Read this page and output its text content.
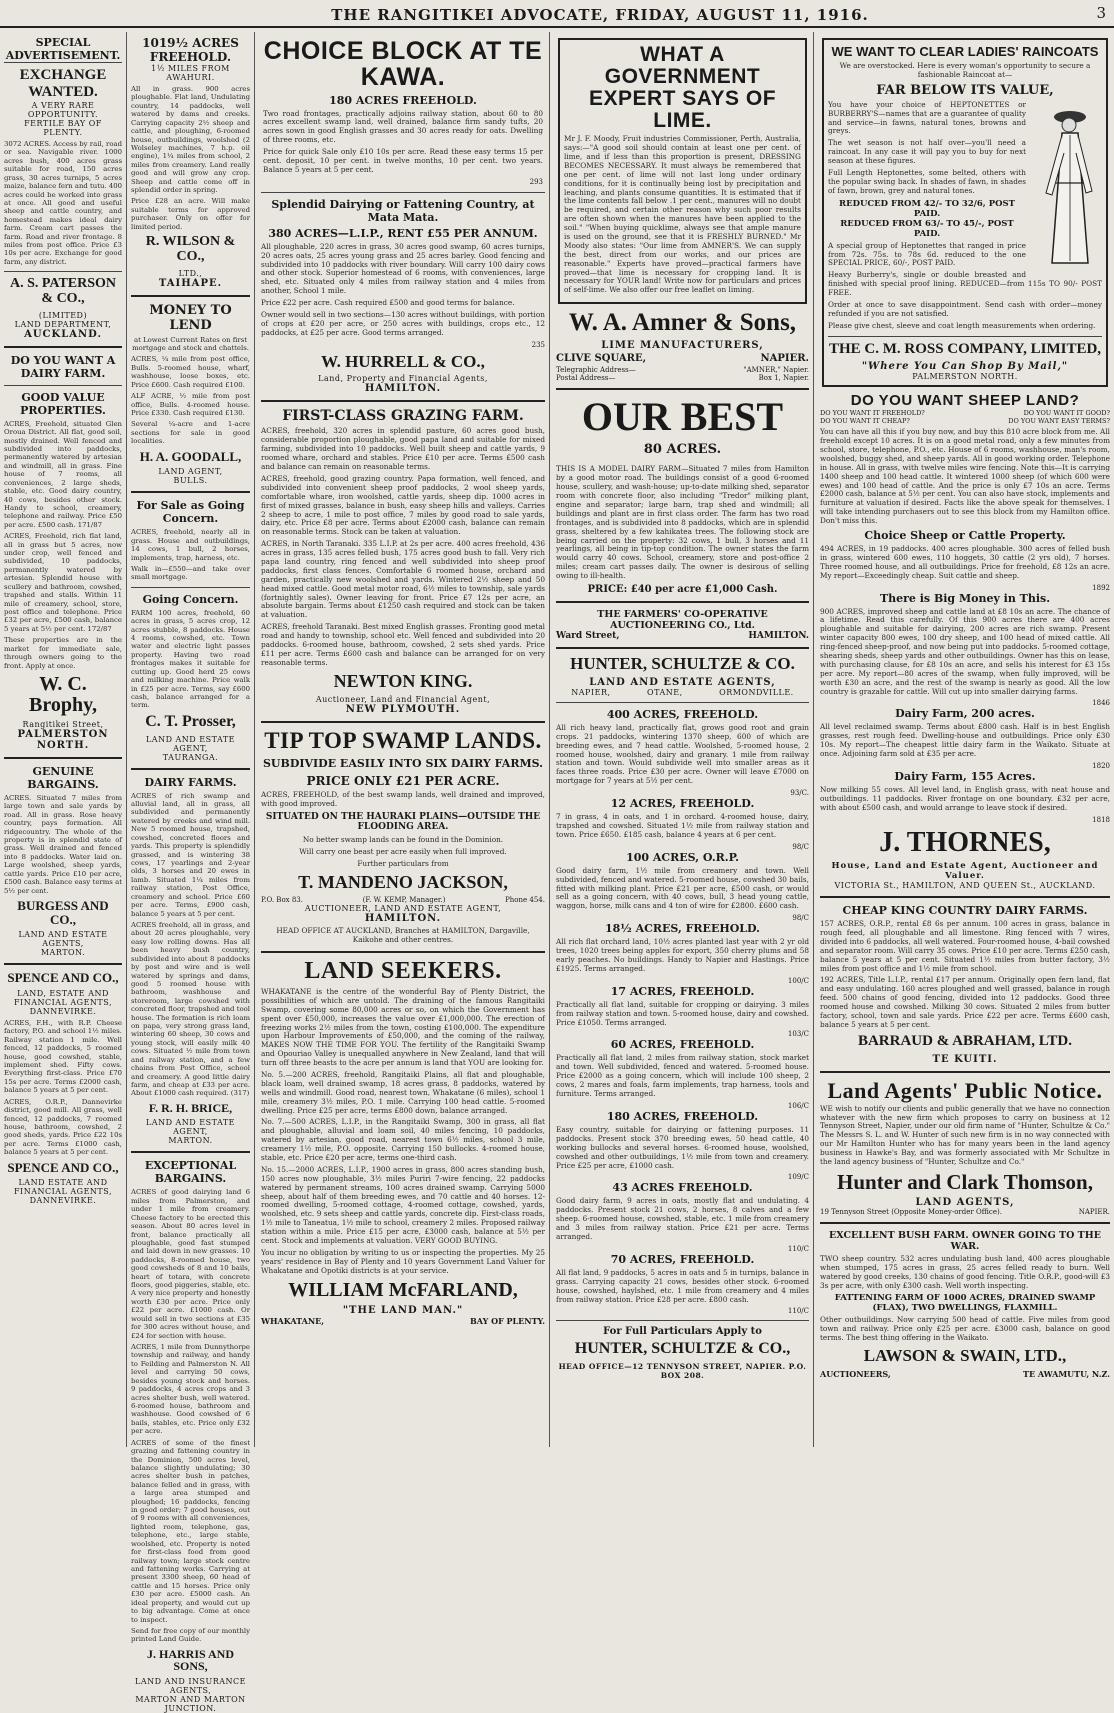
THE RANGITIKEI ADVOCATE, FRIDAY, AUGUST 11, 1916.	3
SPECIAL ADVERTISEMENT.
EXCHANGE WANTED.
A VERY RARE OPPORTUNITY.
FERTILE BAY OF PLENTY.

3072 ACRES. Access by rail, road or sea. Navigable river. 1000 acres bush, 400 acres grass suitable for road, 150 acres grass, 30 acres turnips, 5 acres maize, balance fern and tutu. 400 acres could be worked into grass at once. All good and useful sheep and cattle country, and homestead makes ideal dairy farm. Cream cart passes the farm. Road and river frontage. 8 miles from post office. Price £3 10s per acre. Exchange for good farm, any district.

A. S. PATERSON & CO.,
(LIMITED)
LAND DEPARTMENT,
AUCKLAND.
DO YOU WANT A DAIRY FARM.
GOOD VALUE PROPERTIES.

ACRES, Freehold, situated Glen Oroua District. All flat, good soil, mostly drained. Well fenced and subdivided into paddocks, permanently watered by artesian and windmill, all in grass. Fine house of 7 rooms, all conveniences, 2 large sheds, stable, etc. Good dairy country, 40 cows, besides other stock. Handy to school, creamery, telephone and railway. Price £50 per acre. £500 cash. 171/87

ACRES, Freehold, rich flat land, all in grass but 5 acres, now under crop, well fenced and subdivided, 10 paddocks, permanently watered by artesian. Splendid house with scullery and bathroom, cowshed, trapshed and stalls. Within 11 mile of creamery, school, store, post office and telephone. Price £32 per acre, £500 cash, balance 5 years at 5½ per cent. 172/87

These properties are in the market for immediate sale, through owners going to the front. Apply at once.

W. C. Brophy,
Rangitikei Street,
PALMERSTON NORTH.
GENUINE BARGAINS.

ACRES. Situated 7 miles from large town and sale yards by road. All in grass. Rose heavy country, pays formation. All ridgecountry. The whole of the property is in splendid state of grass. Well drained and fenced into 8 paddocks. Water laid on. Large woolshed, sheep yards, cattle yards. Price £10 per acre, £500 cash. Balance easy terms at 5½ per cent.

BURGESS AND CO.,
LAND AND ESTATE AGENTS,
MARTON.
SPENCE AND CO.,
LAND, ESTATE AND FINANCIAL AGENTS,
DANNEVIRKE.

ACRES, F.H., with R.P. Cheese factory, P.O. and school 1½ miles. Railway station 1 mile. Well fenced, 12 paddocks, 5 roomed house, good cowshed, stable, implement shed. Fifty cows. Everything first-class. Price £70 15s per acre. Terms £2000 cash, balance 5 years at 5 per cent.

ACRES, O.R.P., Dannevirke district, good mill. All grass, well fenced, 12 paddocks, 7 roomed house, bathroom, cowshed, 2 good sheds, yards. Price £22 10s per acre. Terms £1000 cash, balance 5 years at 5 per cent.

SPENCE AND CO.,
LAND ESTATE AND FINANCIAL AGENTS,
DANNEVIRKE.
1019½ ACRES FREEHOLD.
1½ MILES FROM AWAHURI.

All in grass. 900 acres ploughable. Flat land, Undulating country, 14 paddocks, well watered by dams and creeks. Carrying capacity 2½ sheep and cattle, and ploughing, 6-roomed house, outbuildings, woolshed (2 Wolseley machines, 7 h.p. oil engine), 1¼ miles from school, 2 miles from creamery. Land really good and will grow any crop. Sheep and cattle come off in splendid order in spring.

Price £28 an acre. Will make suitable terms for approved purchaser. Only on offer for limited period.

R. WILSON & CO.,
LTD.,
TAIHAPE.
MONEY TO LEND

at Lowest Current Rates on first mortgage and stock and chattels.

ACRES, ¼ mile from post office, Bulls. 5-roomed house, wharf, washhouse, loose boxes, etc. Price £600. Cash required £100.

ALF ACRE, ½ mile from post office, Bulls. 4-roomed house. Price £330. Cash required £130.

Several ¼-acre and 1-acre sections for sale in good localities.

H. A. GOODALL,
LAND AGENT,
BULLS.
For Sale as Going Concern.

ACRES, freehold, nearly all in grass. House and outbuildings, 14 cows, 1 bull, 2 horses, implements, trap, harness, etc.

Walk in—£550—and take over small mortgage.

Going Concern.

FARM 100 acres, freehold, 60 acres in grass, 5 acres crop, 12 acres stubble, 8 paddocks. House 4 rooms, cowshed, etc. Town water and electric light passes property. Having two road frontages makes it suitable for cutting up. Good herd 25 cows and milking machine. Price walk in £25 per acre. Terms, say £600 cash, balance arranged for a term.

C. T. Prosser,
LAND AND ESTATE AGENT,
TAURANGA.
DAIRY FARMS.

ACRES of rich swamp and alluvial land, all in grass, all subdivided and permanently watered by creeks and wind mill. New 5 roomed house, trapshed, cowshed, concreted floors and yards. This property is splendidly grassed, and is wintering 38 cows, 17 yearlings and 2-year olds, 3 horses and 20 ewes in lamb. Situated 1¼ miles from railway station, Post Office, creamery and school. Price £60 per acre. Terms, £900 cash, balance 5 years at 5 per cent.

ACRES freehold, all in grass, and about 20 acres ploughable, very easy low rolling downs. Has all been heavy bush country, subdivided into about 8 paddocks by post and wire and is well watered by springs and dams, good 5 roomed house with bathroom, washhouse and storeroom, large cowshed with concreted floor, trapshed and tool house. The formation is rich loam on papa, very strong grass land, wintering 60 sheep, 30 cows and young stock, will easily milk 40 cows. Situated ½ mile from town and railway station, and a few chains from Post Office, school and creamery. A good little dairy farm, and cheap at £33 per acre. About £1000 cash required. (317)

F. R. H. BRICE,
LAND AND ESTATE AGENT,
MARTON.
EXCEPTIONAL BARGAINS.

ACRES of good dairying land 6 miles from Palmerston, and under 1 mile from creamery. Cheese factory to be erected this season. About 80 acres level in front, balance practically all ploughable, good fast stumped and laid down in new grasses. 10 paddocks, 8-roomed house, two good cowsheds of 8 and 10 bails, heart of totara, with concrete floors, good piggeries, stable, etc. A very nice property and honestly worth £30 per acre. Price only £22 per acre. £1000 cash. Or would sell in two sections at £35 for 300 acres without house, and £24 for section with house.

ACRES, 1 mile from Dunnythorpe township and railway, and handy to Feilding and Palmerston N. All level and carrying 50 cows, besides young stock and horses. 9 paddocks, 4 acres crops and 3 acres shelter bush, well watered. 6-roomed house, bathroom and washhouse. Good cowshed of 6 bails, stables, etc. Price only £32 per acre.

ACRES of some of the finest grazing and fattening country in the Dominion, 500 acres level, balance slightly undulating; 30 acres shelter bush in patches, balance felled and in grass, with a large area stumped and ploughed; 16 paddocks, fencing in good order; 7 good houses, out of 9 rooms with all conveniences, lighted room, telephone, gas, telephone, etc., large stable, woolshed, etc. Property is noted for first-class food from good railway town; large stock centre and fattening works. Carrying at present 3300 sheep, 60 head of cattle and 15 horses. Price only £30 per acre. £5000 cash. An ideal property, and would cut up to big advantage. Come at once to inspect.

Send for free copy of our monthly printed Land Guide.

J. HARRIS AND SONS,
LAND AND INSURANCE AGENTS,
MARTON AND MARTON JUNCTION.
CHOICE BLOCK AT TE KAWA.
180 ACRES FREEHOLD.

Two road frontages, practically adjoins railway station, about 60 to 80 acres excellent swamp land, well drained, balance firm sandy tufts, 20 acres sown in good English grasses and 30 acres ready for oats. Dwelling of three rooms, etc.

Price for quick Sale only £10 10s per acre. Read these easy terms 15 per cent. deposit, 10 per cent. in twelve months, 10 per cent. two years. Balance 5 years at 5 per cent.

293
Splendid Dairying or Fattening Country, at Mata Mata.
380 ACRES—L.I.P., RENT £55 PER ANNUM.

All ploughable, 220 acres in grass, 30 acres good swamp, 60 acres turnips, 20 acres oats, 25 acres young grass and 25 acres barley. Good fencing and subdivided into 10 paddocks with river boundary. Will carry 100 dairy cows and other stock. Superior homestead of 6 rooms, with conveniences, large shed, etc. Situated only 4 miles from railway station and 4 miles from another, School 1 mile.

Price £22 per acre. Cash required £500 and good terms for balance.

Owner would sell in two sections—130 acres without buildings, with portion of crops at £20 per acre, or 250 acres with buildings, crops etc., 12 paddocks, at £25 per acre. Good terms arranged.

235
W. HURRELL & CO.,
Land, Property and Financial Agents,
HAMILTON.
FIRST-CLASS GRAZING FARM.

ACRES, freehold, 320 acres in splendid pasture, 60 acres good bush, considerable proportion ploughable, good papa land and suitable for mixed farming, subdivided into 10 paddocks. Well built sheep and cattle yards, 9 roomed whare, orchard and stables. Price £10 per acre. Terms £500 cash and balance can remain on reasonable terms.

ACRES, freehold, good grazing country. Papa formation, well fenced, and subdivided into convenient sheep proof paddocks, 2 wool sheep yards, comfortable whare, iron woolshed, cattle yards, sheep dip. 1000 acres in first of mixed grasses, balance in bush, easy sheep hills and valleys. Carries 2 sheep to acre, 1 mile to post office, 7 miles by good road to sale yards, dairy, etc. Price £8 per acre. Terms about £2000 cash, balance can remain on reasonable terms. Stock can be taken at valuation.

ACRES, in North Taranaki. 335 L.I.P. at 2s per acre. 400 acres freehold, 436 acres in grass, 135 acres felled bush, 175 acres good bush to fall. Very rich papa land country, ring fenced and well subdivided into sheep proof paddocks, first class fences. Comfortable 6 roomed house, orchard and garden, practically new woolshed and yards. Wintered 2½ sheep and 50 head mixed cattle. Good metal motor road, 6½ miles to township, sale yards (fortnightly sales). Owner leaving for front. Price £7 12s per acre, an absolute bargain. Terms about £1250 cash required and stock can be taken at valuation.

ACRES, freehold Taranaki. Best mixed English grasses. Fronting good metal road and handy to township, school etc. Well fenced and subdivided into 20 paddocks. 6-roomed house, bathroom, cowshed, 2 sets shed yards. Price £11 per acre. Terms £600 cash and balance can be arranged for on very reasonable terms.

NEWTON KING.
Auctioneer, Land and Financial Agent,
NEW PLYMOUTH.
TIP TOP SWAMP LANDS.
SUBDIVIDE EASILY INTO SIX DAIRY FARMS.
PRICE ONLY £21 PER ACRE.

ACRES, FREEHOLD, of the best swamp lands, well drained and improved, with good improved.

SITUATED ON THE HAURAKI PLAINS—OUTSIDE THE FLOODING AREA.

No better swamp lands can be found in the Dominion.

Will carry one beast per acre easily when full improved.

Further particulars from

T. MANDENO JACKSON,
P.O. Box 83.	(F. W. KEMP, Manager.)	Phone 454.
AUCTIONEER, LAND AND ESTATE AGENT,
HAMILTON.

HEAD OFFICE AT AUCKLAND, Branches at HAMILTON, Dargaville, Kaikohe and other centres.

LAND SEEKERS.

WHAKATANE is the centre of the wonderful Bay of Plenty District, the possibilities of which are untold. The draining of the famous Rangitaiki Swamp, covering some 80,000 acres or so, on which the Government has spent over £50,000, increases the value over £1,000,000. The erection of freezing works 2½ miles from the town, costing £100,000. The expenditure upon Harbour Improvements of £50,000, and the coming of the railway, MAKES NOW THE TIME FOR YOU. The fertility of the Rangitaiki Swamp and Opouriao Valley is unequalled anywhere in New Zealand, land that will turn off three beasts to the acre per annum is land that YOU are looking for.

No. 5.—200 ACRES, freehold, Rangitaiki Plains, all flat and ploughable, black loam, well drained swamp, 18 acres grass, 8 paddocks, watered by wells and windmill. Good road, nearest town, Whakatane (6 miles), school 1 mile, creamery 3½ miles, P.O. 1 mile. Carrying 100 head cattle. 5-roomed dwelling. Price £25 per acre, terms £800 down, balance arranged.

No. 7.—500 ACRES, L.I.P., in the Rangitaiki Swamp, 300 in grass, all flat and ploughable, alluvial and loam soil, 40 miles fencing, 10 paddocks, watered by artesian, good road, nearest town 6½ miles, school 3 mile, creamery 1½ mile, P.O. opposite. Carrying 150 bullocks. 4-roomed house, stable, etc. Price £20 per acre, terms one-third cash.

No. 15.—2000 ACRES, L.I.P., 1900 acres in grass, 800 acres standing bush, 150 acres now ploughable, 3½ miles Puriri 7-wire fencing, 22 paddocks watered by permanent streams, 100 acres drained swamp. Carrying 5000 sheep, about half of them breeding ewes, and 70 cattle and 40 horses. 12-roomed dwelling, 5-roomed cottage, 4-roomed cottage, cowshed, yards, woolshed, etc. 9 sets sheep and cattle yards, concrete dip. First-class roads, 1½ mile to Taneatua, 1½ mile to school, creamery 2 miles. Proposed railway station within a mile. Price £15 per acre, £3000 cash, balance at 5½ per cent. Stock and implements at valuation. VERY GOOD BUYING.

You incur no obligation by writing to us or inspecting the properties. My 25 years' residence in Bay of Plenty and 10 years Government Land Valuer for Whakatane and Opotiki districts is at your service.

WILLIAM McFARLAND,
"THE LAND MAN."
WHAKATANE,	BAY OF PLENTY.
WHAT A GOVERNMENT EXPERT SAYS OF LIME.

Mr J. F. Moody, Fruit industries Commissioner, Perth, Australia, says:—"A good soil should contain at least one per cent. of lime, and if less than this proportion is present, DRESSING BECOMES NECESSARY. It must always be remembered that one per cent. of lime will not last long under ordinary conditions, for it is continually being lost by precipitation and leaching, and plants consume quantities. It is estimated that if the lime contents fall below .1 per cent., manures will no doubt be required, and certain other reason why such poor results are often shown when the manures have been applied to the soil." "When buying quicklime, always see that ample manure is used on the ground, see that it is FRESHLY BURNED." Mr Moody also states: "Our lime from AMNER'S. We can supply the best, direct from our works, and our prices are reasonable." Experts have proved—practical farmers have proved—that lime is necessary for cropping land. It is necessary for YOUR land! Write now for particulars and prices of self-lime. We also offer our free leaflet on liming.

W. A. Amner & Sons,
LIME MANUFACTURERS,
CLIVE SQUARE,	NAPIER.
Telegraphic Address—	"AMNER," Napier.
Postal Address—	Box 1, Napier.
OUR BEST
80 ACRES.

THIS IS A MODEL DAIRY FARM—Situated 7 miles from Hamilton by a good motor road. The buildings consist of a good 6-roomed house, scullery, and wash-house; up-to-date milking shed, separator room with concrete floor, also including "Tredor" milking plant, engine and separator; large barn, trap shed and windmill; all buildings and plant are in first class order. The farm has two road frontages, and is subdivided into 8 paddocks, which are in splendid grass, sheltered by a few kahikatea trees. The following stock are being carried on the property: 32 cows, 1 bull, 3 horses and 11 yearlings, all being in tip-top condition. The owner states the farm would carry 40 cows. School, creamery, store and post-office 2 miles; cream cart passes daily. The owner is desirous of selling owing to ill-health.

PRICE: £40 per acre £1,000 Cash.
THE FARMERS' CO-OPERATIVE AUCTIONEERING CO., Ltd.
Ward Street,	HAMILTON.
HUNTER, SCHULTZE & CO.
LAND AND ESTATE AGENTS,
NAPIER,            OTANE,            ORMONDVILLE.
400 ACRES, FREEHOLD.

All rich heavy land, practically flat, grows good root and grain crops. 21 paddocks, wintering 1370 sheep, 600 of which are breeding ewes, and 7 head cattle. Woolshed, 5-roomed house, 2 roomed house, woolshed, dairy and granary. 1 mile from railway station and town. Would subdivide well into smaller areas as it faces three roads. Price £30 per acre. Owner will leave £7000 on mortgage for 7 years at 5½ per cent.

93/C.
12 ACRES, FREEHOLD.

7 in grass, 4 in oats, and 1 in orchard. 4-roomed house, dairy, trapshed and cowshed. Situated 1½ mile from railway station and town. Price £650. £185 cash, balance 4 years at 6 per cent.

98/C
100 ACRES, O.R.P.

Good dairy farm, 1½ mile from creamery and town. Well subdivided, fenced and watered. 5-roomed house, cowshed 30 bails, fitted with milking plant. Price £21 per acre, £500 cash, or would sell as a going concern, with 40 cows, bull, 3 head young cattle, waggon, horse, milk cans and 4 ton of wire for £2800. £600 cash.

98/C
18½ ACRES, FREEHOLD.

All rich flat orchard land, 10½ acres planted last year with 2 yr old trees, 1020 trees being apples for export, 350 cherry plums and 58 early peaches. No buildings. Handy to Napier and Hastings. Price £1925. Terms arranged.

100/C
17 ACRES, FREEHOLD.

Practically all flat land, suitable for cropping or dairying. 3 miles from railway station and town. 5-roomed house, dairy and cowshed. Price £1050. Terms arranged.

103/C
60 ACRES, FREEHOLD.

Practically all flat land, 2 miles from railway station, stock market and town. Well subdivided, fenced and watered. 5-roomed house. Price £2000 as a going concern, which will include 100 sheep, 2 cows, 2 mares and foals, farm implements, trap harness, tools and furniture. Terms arranged.

106/C
180 ACRES, FREEHOLD.

Easy country, suitable for dairying or fattening purposes. 11 paddocks. Present stock 370 breeding ewes, 50 head cattle, 40 working bullocks and several horses. 6-roomed house, woolshed, cowshed and other outbuildings, 1½ mile from town and creamery. Price £25 per acre, £1000 cash.

109/C
43 ACRES FREEHOLD.

Good dairy farm, 9 acres in oats, mostly flat and undulating. 4 paddocks. Present stock 21 cows, 2 horses, 8 calves and a few sheep. 6-roomed house, cowshed, stable, etc. 1 mile from creamery and 3 miles from railway station. Price £21 per acre. Terms arranged.

110/C
70 ACRES, FREEHOLD.

All flat land, 9 paddocks, 5 acres in oats and 5 in turnips, balance in grass. Carrying capacity 21 cows, besides other stock. 6-roomed house, cowshed, haylshed, etc. 1 mile from creamery and 4 miles from railway station. Price £28 per acre. £800 cash.

110/C
For Full Particulars Apply to
HUNTER, SCHULTZE & CO.,
HEAD OFFICE—12 TENNYSON STREET, NAPIER. P.O. BOX 208.
WE WANT TO CLEAR LADIES' RAINCOATS

We are overstocked. Here is every woman's opportunity to secure a fashionable Raincoat at—

FAR BELOW ITS VALUE,

You have your choice of HEPTONETTES or BURBERRY'S—names that are a guarantee of quality and service—in fawns, natural tones, browns and greys.

The wet season is not half over—you'll need a raincoat. In any case it will pay you to buy for next season at these figures.

Full Length Heptonettes, some belted, others with the popular swing back. In shades of fawn, in shades of fawn, brown, grey and natural tones.

REDUCED FROM 42/- TO 32/6, POST PAID.
REDUCED FROM 63/- TO 45/-, POST PAID.

A special group of Heptonettes that ranged in price from 72s. 75s. to 78s 6d. reduced to the one SPECIAL PRICE, 60/-, POST PAID.

Heavy Burberry's, single or double breasted and finished with special proof lining. REDUCED—from 115s TO 90/- POST FREE.

Order at once to save disappointment. Send cash with order—money refunded if you are not satisfied.

Please give chest, sleeve and coat length measurements when ordering.

THE C. M. ROSS COMPANY, LIMITED,
"Where You Can Shop By Mail,"
PALMERSTON NORTH.
DO YOU WANT SHEEP LAND?
DO YOU WANT IT FREEHOLD?	DO YOU WANT IT GOOD?
DO YOU WANT IT CHEAP?	DO YOU WANT EASY TERMS?

You can have all this if you buy now, and buy this 810 acre block from me. All freehold except 10 acres. It is on a good metal road, only a few minutes from school, store, telephone, P.O., etc. House of 6 rooms, washhouse, man's room, woolshed, buggy shed, and sheep yards. All in good working order. Telephone in house. All in grass, with twelve miles wire fencing. Note this—It is carrying 1400 sheep and 100 head cattle. It wintered 1000 sheep (of which 600 were ewes) and 100 head of cattle. And the price is only £7 10s an acre. Terms £2000 cash, balance at 5½ per cent. You can also have stock, implements and furniture at valuation if desired. Facts like the above speak for themselves. I will take intending purchasers out to see this block from my Hamilton office. Don't miss this.

Choice Sheep or Cattle Property.

494 ACRES, in 19 paddocks. 400 acres ploughable. 300 acres of felled bush in grass, wintered 600 ewes, 110 hoggets, 30 cattle (2 yrs old), 7 horses. Three roomed house, and all outbuildings. Price for freehold, £8 12s an acre. My report—Exceedingly cheap. Suit cattle and sheep.

1892
There is Big Money in This.

900 ACRES, improved sheep and cattle land at £8 10s an acre. The chance of a lifetime. Read this carefully. Of this 900 acres there are 400 acres ploughable and suitable for dairying, 200 acres are rich swamp. Present winter capacity 800 ewes, 100 dry sheep, and 100 head of mixed cattle. All ring-fenced sheep-proof, and now being put into paddocks. 5-roomed cottage, shearing sheds, sheep yards and other outbuildings. Owner has this on lease, with purchasing clause, for £8 10s an acre, and sells his interest for £3 15s per acre. My report—80 acres of the swamp, when fully improved, will be worth £30 an acre, and the rest of the swamp is nearly as good. All the low country is grazable for cattle. Will cut up into smaller dairying farms.

1846
Dairy Farm, 200 acres.

All level reclaimed swamp. Terms about £800 cash. Half is in best English grasses, rest rough feed. Dwelling-house and outbuildings. Price only £30 10s. My report—The cheapest little dairy farm in the Waikato. Situate at once. Adjoining farm sold at £35 per acre.

1820
Dairy Farm, 155 Acres.

Now milking 55 cows. All level land, in English grass, with neat house and outbuildings. 11 paddocks. River frontage on one boundary. £32 per acre, with about £500 cash, and would arrange to leave stock if desired.

1818
J. THORNES,
House, Land and Estate Agent, Auctioneer and Valuer.
VICTORIA St., HAMILTON, AND QUEEN St., AUCKLAND.
CHEAP KING COUNTRY DAIRY FARMS.

157 ACRES, O.R.P., rental £8 6s per annum. 100 acres in grass, balance in rough feed, all ploughable and all limestone. Ring fenced with 7 wires, divided into 6 paddocks, all well watered. Four-roomed house, 4-bail cowshed and separator room. Will carry 35 cows. Price £10 per acre. Terms £250 cash, balance 5 years at 5 per cent. Situated 1½ miles from butter factory, 3½ miles from post office and 1½ mile from school.

192 ACRES, Title L.I.P., rental £17 per annum. Originally open fern land, flat and easy undulating. 160 acres ploughed and well grassed, balance in rough feed. 500 chains of good fencing, divided into 12 paddocks. Good three roomed house and cowshed. Milking 30 cows. Situated 2 miles from butter factory, school, town and sale yards. Price £22 per acre. Terms £600 cash, balance 5 years at 5 per cent.

BARRAUD & ABRAHAM, LTD.
TE KUITI.
Land Agents' Public Notice.

WE wish to notify our clients and public generally that we have no connection whatever with the new firm which proposes to carry on business at 12 Tennyson Street, Napier, under our old firm name of "Hunter, Schultze & Co." The Messrs S. L. and W. Hunter of such new firm is in no way connected with our Mr Hamilton Hunter who has for many years been in the land agency business in Hawke's Bay, and was formerly associated with Mr Schultze in the land agency business of "Hunter, Schultze and Co."

Hunter and Clark Thomson,
LAND AGENTS,
19 Tennyson Street (Opposite Money-order Office).	NAPIER.
EXCELLENT BUSH FARM. OWNER GOING TO THE WAR.

TWO sheep country. 532 acres undulating bush land, 400 acres ploughable when stumped, 175 acres in grass, 25 acres felled ready to burn. Well watered by good creeks, 130 chains of good fencing. Title O.R.P., good-will £3 3s per acre, with only £300 cash. Well worth inspecting.

FATTENING FARM OF 1000 ACRES, DRAINED SWAMP (FLAX), TWO DWELLINGS, FLAXMILL.

Other outbuildings. Now carrying 500 head of cattle. Five miles from good town and railway. Price only £25 per acre. £3000 cash, balance on good terms. The best thing offering in the Waikato.

LAWSON & SWAIN, LTD.,
AUCTIONEERS,	TE AWAMUTU, N.Z.
